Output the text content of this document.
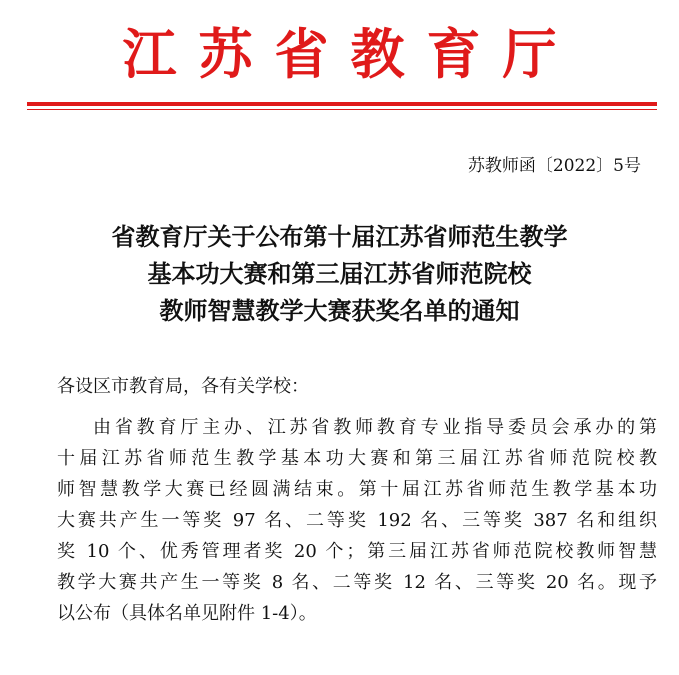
江苏省教育厅
苏教师函〔2022〕5号
省教育厅关于公布第十届江苏省师范生教学
基本功大赛和第三届江苏省师范院校
教师智慧教学大赛获奖名单的通知
各设区市教育局，各有关学校：
由省教育厅主办、江苏省教师教育专业指导委员会承办的第
十届江苏省师范生教学基本功大赛和第三届江苏省师范院校教
师智慧教学大赛已经圆满结束。第十届江苏省师范生教学基本功
大赛共产生一等奖 97 名、二等奖 192 名、三等奖 387 名和组织
奖 10 个、优秀管理者奖 20 个；第三届江苏省师范院校教师智慧
教学大赛共产生一等奖 8 名、二等奖 12 名、三等奖 20 名。现予
以公布（具体名单见附件 1-4）。
